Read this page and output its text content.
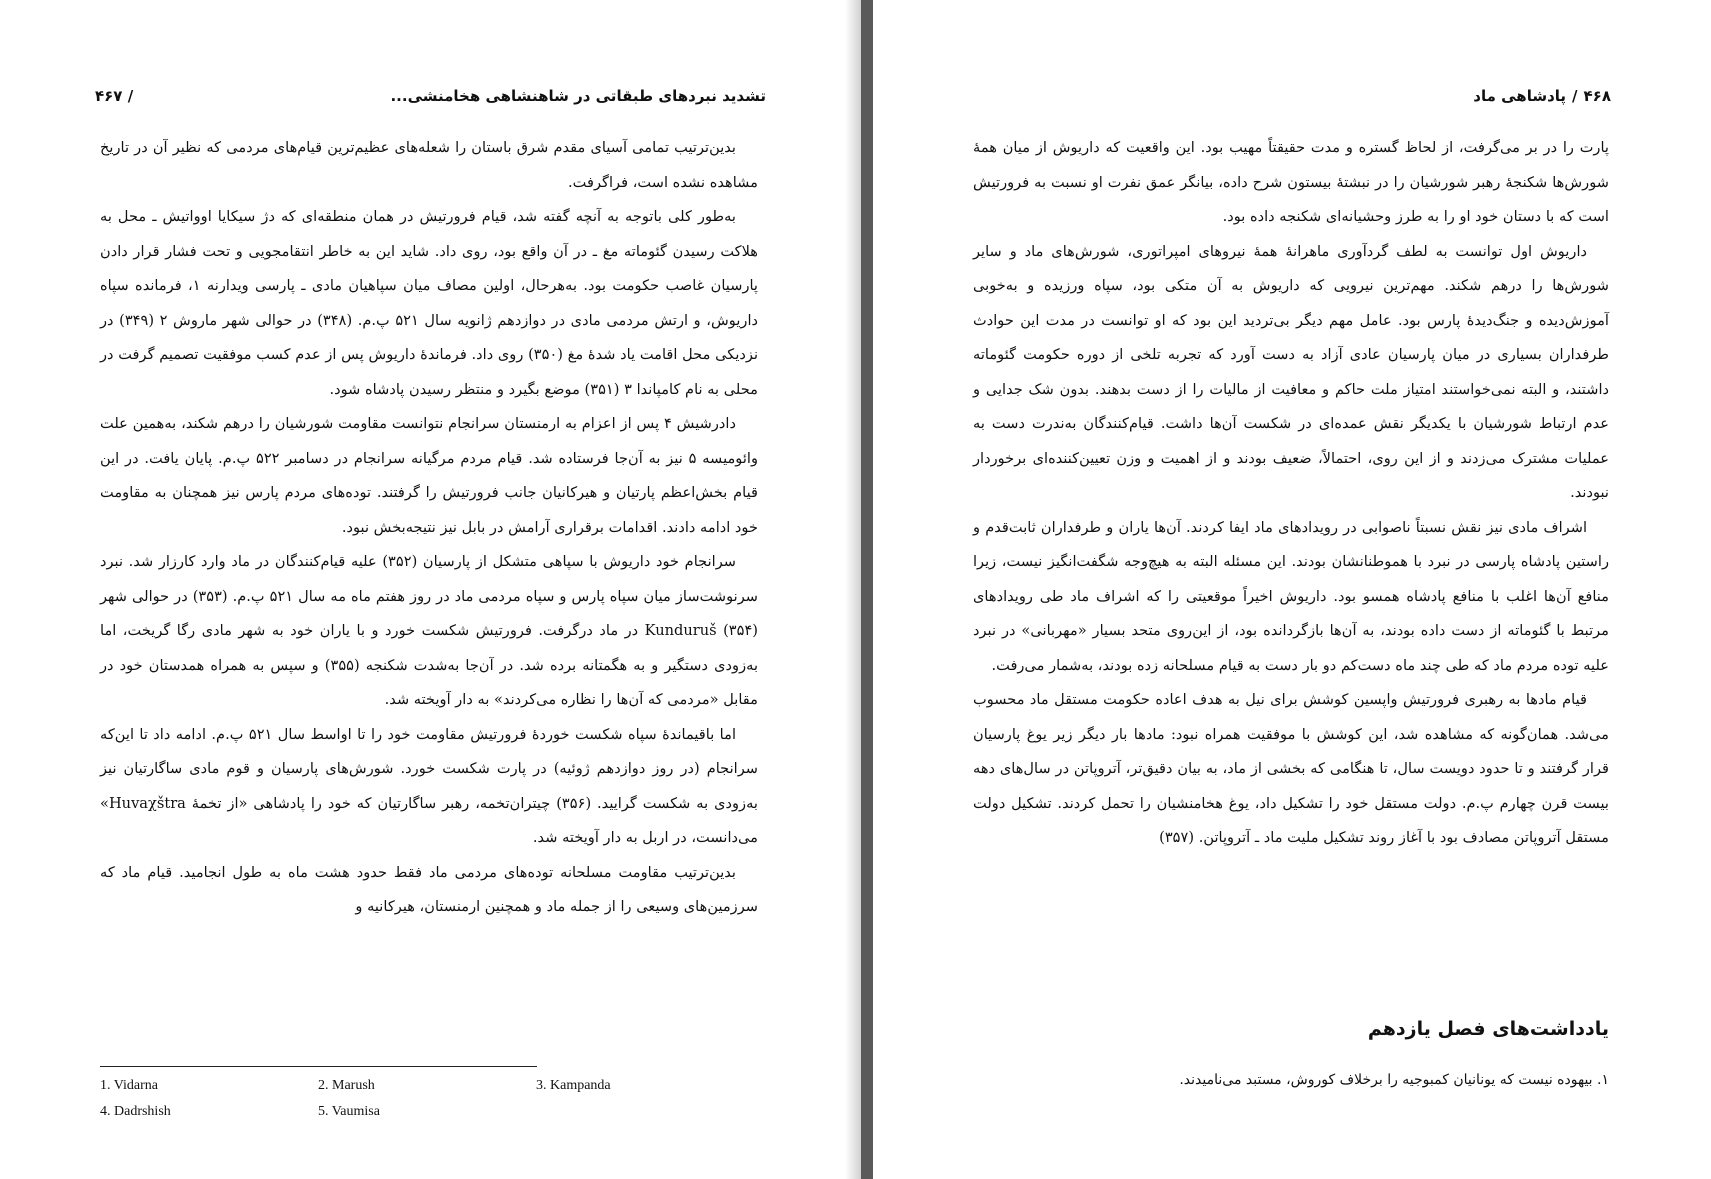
تشدید نبردهای طبقاتی در شاهنشاهی هخامنشی...
/ ۴۶۷

بدین‌ترتیب تمامی آسیای مقدم شرق باستان را شعله‌های عظیم‌ترین قیام‌های مردمی که نظیر آن در تاریخ مشاهده نشده است، فراگرفت.

به‌طور کلی باتوجه به آنچه گفته شد، قیام فرورتیش در همان منطقه‌ای که دژ سیکایا اوواتیش ـ محل به هلاکت رسیدن گئوماته مغ ـ در آن واقع بود، روی داد. شاید این به خاطر انتقامجویی و تحت فشار قرار دادن پارسیان غاصب حکومت بود. به‌هرحال، اولین مصاف میان سپاهیان مادی ـ پارسی ویدارنه ۱، فرمانده سپاه داریوش، و ارتش مردمی مادی در دوازدهم ژانویه سال ۵۲۱ پ.م. (۳۴۸) در حوالی شهر ماروش ۲ (۳۴۹) در نزدیکی محل اقامت یاد شدهٔ مغ (۳۵۰) روی داد. فرماندهٔ داریوش پس از عدم کسب موفقیت تصمیم گرفت در محلی به نام کامپاندا ۳ (۳۵۱) موضع بگیرد و منتظر رسیدن پادشاه شود.

دادرشیش ۴ پس از اعزام به ارمنستان سرانجام نتوانست مقاومت شورشیان را درهم شکند، به‌همین علت وائومیسه ۵ نیز به آن‌جا فرستاده شد. قیام مردم مرگیانه سرانجام در دسامبر ۵۲۲ پ.م. پایان یافت. در این قیام بخش‌اعظم پارتیان و هیرکانیان جانب فرورتیش را گرفتند. توده‌های مردم پارس نیز همچنان به مقاومت خود ادامه دادند. اقدامات برقراری آرامش در بابل نیز نتیجه‌بخش نبود.

سرانجام خود داریوش با سپاهی متشکل از پارسیان (۳۵۲) علیه قیام‌کنندگان در ماد وارد کارزار شد. نبرد سرنوشت‌ساز میان سپاه پارس و سپاه مردمی ماد در روز هفتم ماه مه سال ۵۲۱ پ.م. (۳۵۳) در حوالی شهر Kunduruš (۳۵۴) در ماد درگرفت. فرورتیش شکست خورد و با یاران خود به شهر مادی رگا گریخت، اما به‌زودی دستگیر و به هگمتانه برده شد. در آن‌جا به‌شدت شکنجه (۳۵۵) و سپس به همراه همدستان خود در مقابل «مردمی که آن‌ها را نظاره می‌کردند» به دار آویخته شد.

اما باقیماندهٔ سپاه شکست خوردهٔ فرورتیش مقاومت خود را تا اواسط سال ۵۲۱ پ.م. ادامه داد تا این‌که سرانجام (در روز دوازدهم ژوئیه) در پارت شکست خورد. شورش‌های پارسیان و قوم مادی ساگارتیان نیز به‌زودی به شکست گرایید. (۳۵۶) چیتران‌تخمه، رهبر ساگارتیان که خود را پادشاهی «از تخمهٔ Huvaχštra» می‌دانست، در اربل به دار آویخته شد.

بدین‌ترتیب مقاومت مسلحانه توده‌های مردمی ماد فقط حدود هشت ماه به طول انجامید. قیام ماد که سرزمین‌های وسیعی را از جمله ماد و همچنین ارمنستان، هیرکانیه و

1. Vidarna	2. Marush	3. Kampanda
4. Dadrshish	5. Vaumisa
۴۶۸
/
پادشاهی ماد

پارت را در بر می‌گرفت، از لحاظ گستره و مدت حقیقتاً مهیب بود. این واقعیت که داریوش از میان همهٔ شورش‌ها شکنجهٔ رهبر شورشیان را در نبشتهٔ بیستون شرح داده، بیانگر عمق نفرت او نسبت به فرورتیش است که با دستان خود او را به طرز وحشیانه‌ای شکنجه داده بود.

داریوش اول توانست به لطف گردآوری ماهرانهٔ همهٔ نیروهای امپراتوری، شورش‌های ماد و سایر شورش‌ها را درهم شکند. مهم‌ترین نیرویی که داریوش به آن متکی بود، سپاه ورزیده و به‌خوبی آموزش‌دیده و جنگ‌دیدهٔ پارس بود. عامل مهم دیگر بی‌تردید این بود که او توانست در مدت این حوادث طرفداران بسیاری در میان پارسیان عادی آزاد به دست آورد که تجربه تلخی از دوره حکومت گئوماته داشتند، و البته نمی‌خواستند امتیاز ملت حاکم و معافیت از مالیات را از دست بدهند. بدون شک جدایی و عدم ارتباط شورشیان با یکدیگر نقش عمده‌ای در شکست آن‌ها داشت. قیام‌کنندگان به‌ندرت دست به عملیات مشترک می‌زدند و از این روی، احتمالاً، ضعیف بودند و از اهمیت و وزن تعیین‌کننده‌ای برخوردار نبودند.

اشراف مادی نیز نقش نسبتاً ناصوابی در رویدادهای ماد ایفا کردند. آن‌ها یاران و طرفداران ثابت‌قدم و راستین پادشاه پارسی در نبرد با هموطنانشان بودند. این مسئله البته به هیچ‌وجه شگفت‌انگیز نیست، زیرا منافع آن‌ها اغلب با منافع پادشاه همسو بود. داریوش اخیراً موقعیتی را که اشراف ماد طی رویدادهای مرتبط با گئوماته از دست داده بودند، به آن‌ها بازگردانده بود، از این‌روی متحد بسیار «مهربانی» در نبرد علیه توده مردم ماد که طی چند ماه دست‌کم دو بار دست به قیام مسلحانه زده بودند، به‌شمار می‌رفت.

قیام مادها به رهبری فرورتیش واپسین کوشش برای نیل به هدف اعاده حکومت مستقل ماد محسوب می‌شد. همان‌گونه که مشاهده شد، این کوشش با موفقیت همراه نبود: مادها بار دیگر زیر یوغ پارسیان قرار گرفتند و تا حدود دویست سال، تا هنگامی که بخشی از ماد، به بیان دقیق‌تر، آتروپاتن در سال‌های دهه بیست قرن چهارم پ.م. دولت مستقل خود را تشکیل داد، یوغ هخامنشیان را تحمل کردند. تشکیل دولت مستقل آتروپاتن مصادف بود با آغاز روند تشکیل ملیت ماد ـ آتروپاتن. (۳۵۷)

یادداشت‌های فصل یازدهم
۱. بیهوده نیست که یونانیان کمبوجیه را برخلاف کوروش، مستبد می‌نامیدند.
